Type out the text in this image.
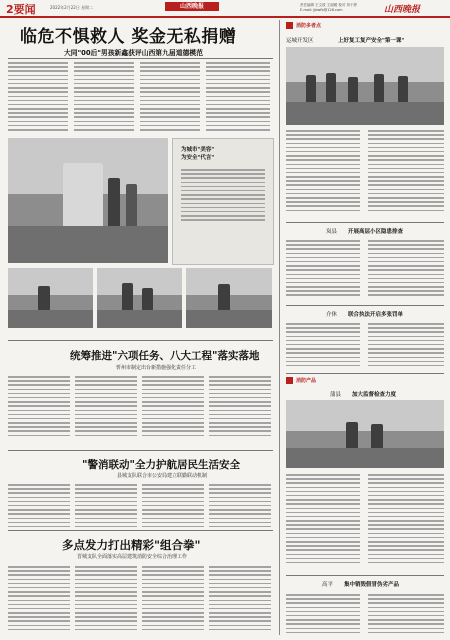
2要闻	2022年2月22日 星期二	山西晚报	责任编辑 王文波 王丽媛 校对 刘于婷
E-mail: jjbwfb@126.com	山西晚报
临危不惧救人 奖金无私捐赠
大同"00后"男孩新鑫获评山西第九届道德模范
为城市"美容"
为安全"代言"
统筹推进"六项任务、八大工程"落实落地
忻州市制定出台新措施强化责任分工
"警消联动"全力护航居民生活安全
县城支队联合市公安局建立联勤联动机制
多点发力打出精彩"组合拳"
晋城支队全面落实高层建筑消防安全综合治理工作
消防多者点
运城开发区	上好复工复产安全"第一课"
岚县 开展高层小区隐患排查
介休 联合执法开启多张罚单
消防产品
蒲县 加大监督检查力度
高平 集中销毁假冒伪劣产品
